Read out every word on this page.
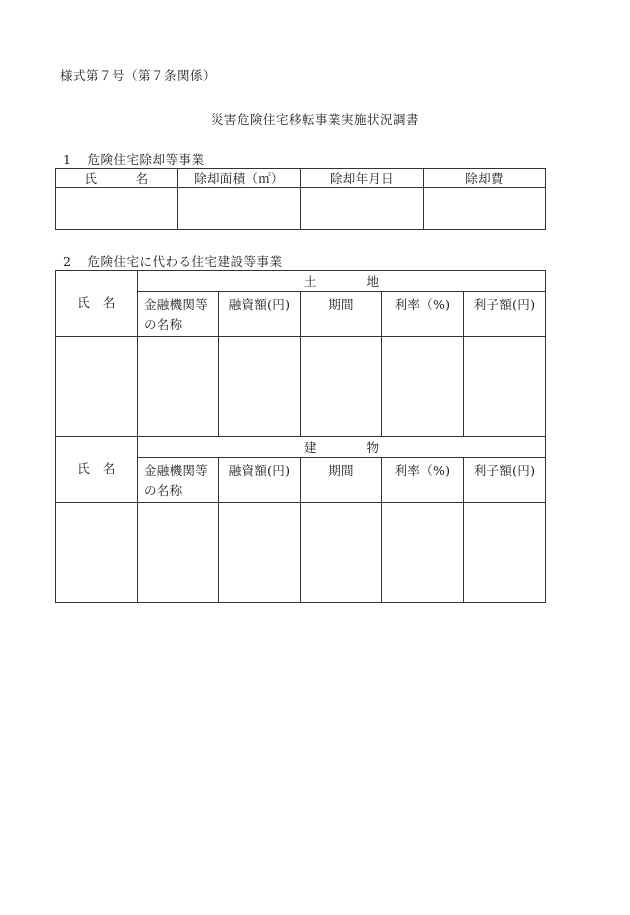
様式第７号（第７条関係）
災害危険住宅移転事業実施状況調書
1 危険住宅除却等事業
氏　　　名	除却面積（㎡）	除却年月日	除却費

2 危険住宅に代わる住宅建設等事業
氏　名	土　　　　地				
	金融機関等の名称	融資額(円)	期間	利率（%)	利子額(円)

氏　名	建　　　　物				
	金融機関等の名称	融資額(円)	期間	利率（%)	利子額(円)
